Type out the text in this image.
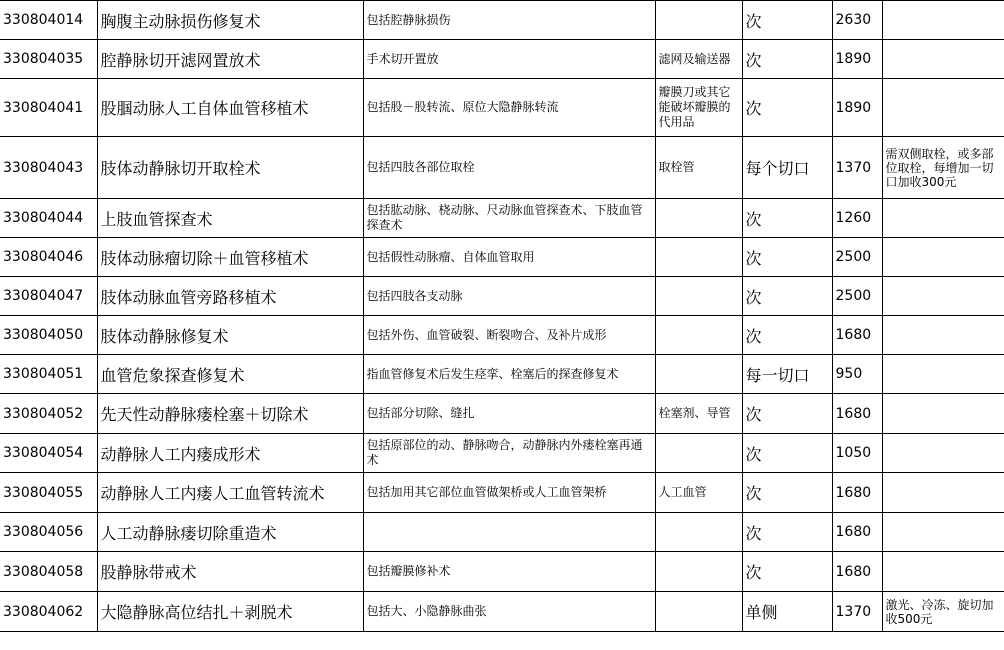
330804014	胸腹主动脉损伤修复术	包括腔静脉损伤		次	2630	
330804035	腔静脉切开滤网置放术	手术切开置放	滤网及输送器	次	1890	
330804041	股腘动脉人工自体血管移植术	包括股－股转流、原位大隐静脉转流	瓣膜刀或其它能破坏瓣膜的代用品	次	1890	
330804043	肢体动静脉切开取栓术	包括四肢各部位取栓	取栓管	每个切口	1370	需双侧取栓，或多部位取栓，每增加一切口加收300元
330804044	上肢血管探查术	包括肱动脉、桡动脉、尺动脉血管探查术、下肢血管探查术		次	1260	
330804046	肢体动脉瘤切除＋血管移植术	包括假性动脉瘤、自体血管取用		次	2500	
330804047	肢体动脉血管旁路移植术	包括四肢各支动脉		次	2500	
330804050	肢体动静脉修复术	包括外伤、血管破裂、断裂吻合、及补片成形		次	1680	
330804051	血管危象探查修复术	指血管修复术后发生痉挛、栓塞后的探查修复术		每一切口	950	
330804052	先天性动静脉瘘栓塞＋切除术	包括部分切除、缝扎	栓塞剂、导管	次	1680	
330804054	动静脉人工内瘘成形术	包括原部位的动、静脉吻合，动静脉内外瘘栓塞再通术		次	1050	
330804055	动静脉人工内瘘人工血管转流术	包括加用其它部位血管做架桥或人工血管架桥	人工血管	次	1680	
330804056	人工动静脉瘘切除重造术			次	1680	
330804058	股静脉带戒术	包括瓣膜修补术		次	1680	
330804062	大隐静脉高位结扎＋剥脱术	包括大、小隐静脉曲张		单侧	1370	激光、冷冻、旋切加收500元
